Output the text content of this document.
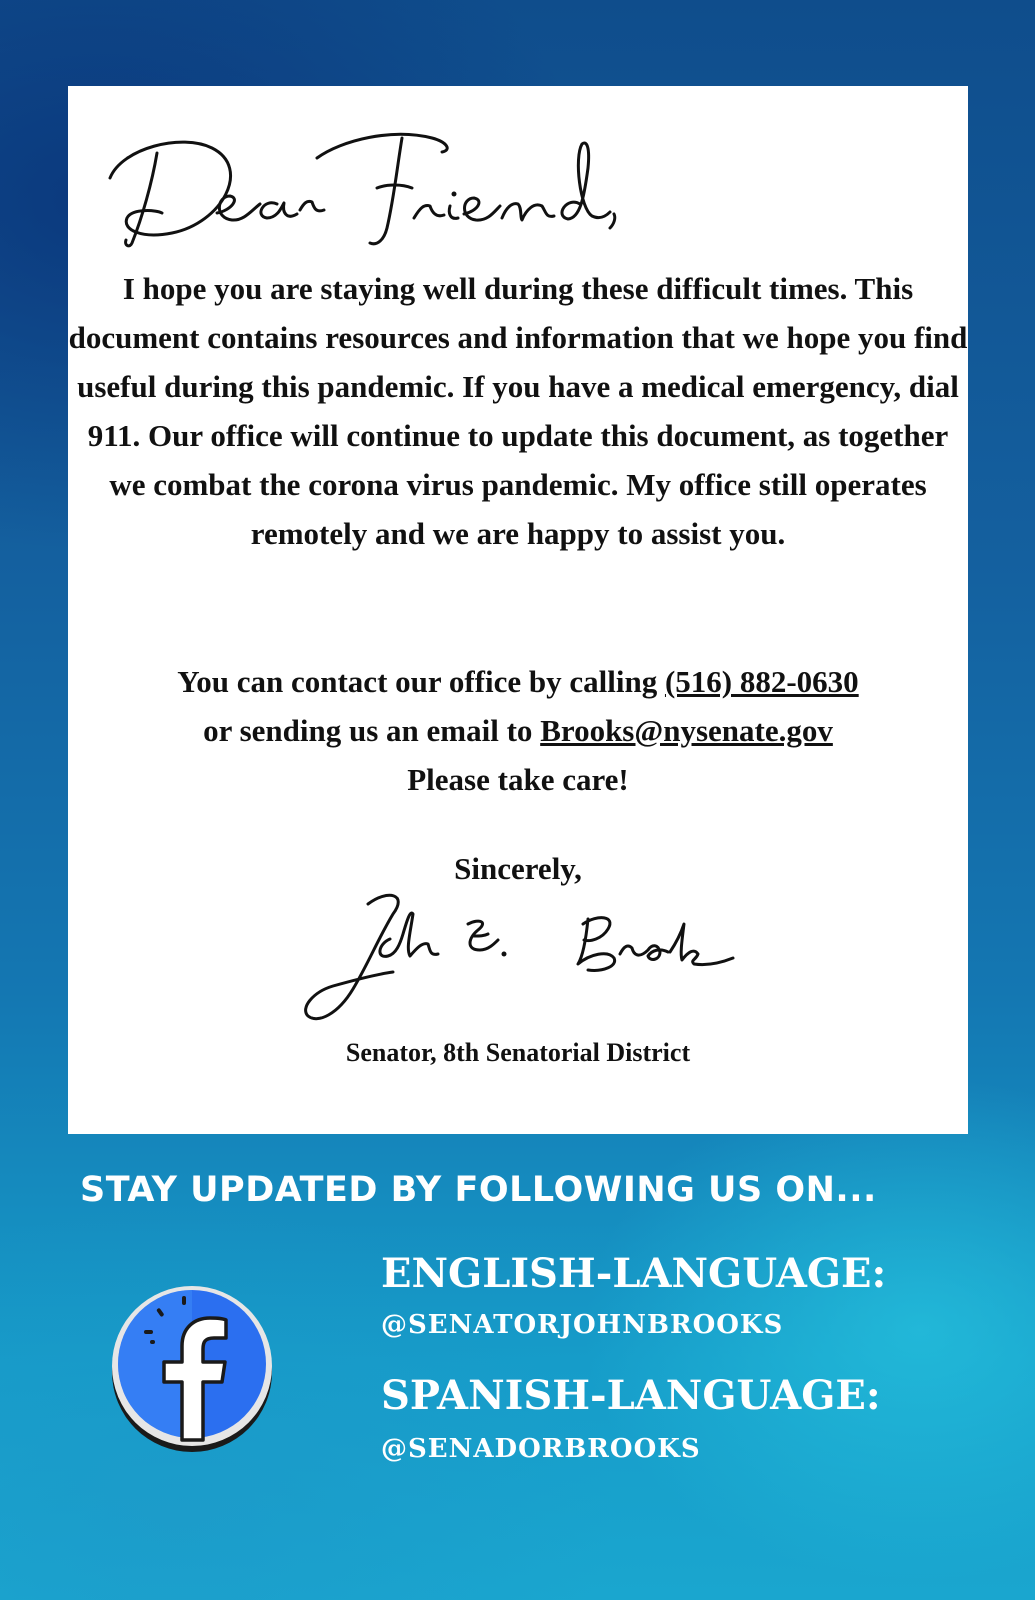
I hope you are staying well during these difficult times. This document contains resources and information that we hope you find useful during this pandemic. If you have a medical emergency, dial 911. Our office will continue to update this document, as together we combat the corona virus pandemic. My office still operates remotely and we are happy to assist you.

You can contact our office by calling (516) 882-0630
or sending us an email to Brooks@nysenate.gov
Please take care!
Sincerely,
Senator, 8th Senatorial District
STAY UPDATED BY FOLLOWING US ON...
ENGLISH-LANGUAGE:
@SENATORJOHNBROOKS
SPANISH-LANGUAGE:
@SENADORBROOKS
